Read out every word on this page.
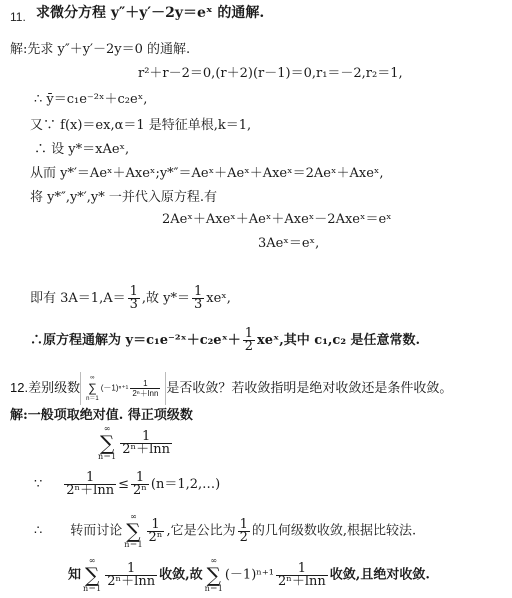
11. 求微分方程 y″＋y′－2y＝eˣ 的通解.
解:先求 y″＋y′－2y＝0 的通解.
r²＋r－2＝0,(r＋2)(r－1)＝0,r₁＝－2,r₂＝1,
∴ ȳ＝c₁e⁻²ˣ＋c₂eˣ,
又∵ f(x)＝ex,α＝1 是特征单根,k＝1,
∴ 设 y*＝xAeˣ,
从而 y*′＝Aeˣ＋Axeˣ;y*″＝Aeˣ＋Aeˣ＋Axeˣ＝2Aeˣ＋Axeˣ,
将 y*″,y*′,y* 一并代入原方程.有
2Aeˣ＋Axeˣ＋Aeˣ＋Axeˣ－2Axeˣ＝eˣ
3Aeˣ＝eˣ,
即有 $3A=1,A= \frac{1}{3}$ ,故 $y*= \frac{1}{3}$ xeˣ,
∴原方程通解为 y＝c₁e⁻²ˣ＋c₂eˣ＋ $\frac{1}{2}$ xeˣ,其中 c₁,c₂ 是任意常数.
12.差别级数
∞
∑
n＝1
$(-1)^{n+1} \frac{1}{\text{2ⁿ＋lnn}}$ 是否收敛？若收敛指明是绝对收敛还是条件收敛。
解:一般项取绝对值. 得正项级数
∞
∑
n＝1
$\frac{1}{\text{2ⁿ＋lnn}}$
∵ $\frac{1}{\text{2ⁿ＋lnn}} \le \frac{1}{\text{2ⁿ}}$ (n＝1,2,…)
∴ 转而讨论
∞
∑
n＝1
$\frac{1}{\text{2ⁿ}}$ ,它是公比为 $\frac{1}{2}$ 的几何级数收敛,根据比较法.
知
∞
∑
n＝1
$\frac{1}{\text{2ⁿ＋lnn}}$ 收敛,故
∞
∑
n＝1
$(-1)^{n+1} \frac{1}{\text{2ⁿ＋lnn}}$ 收敛,且绝对收敛.
